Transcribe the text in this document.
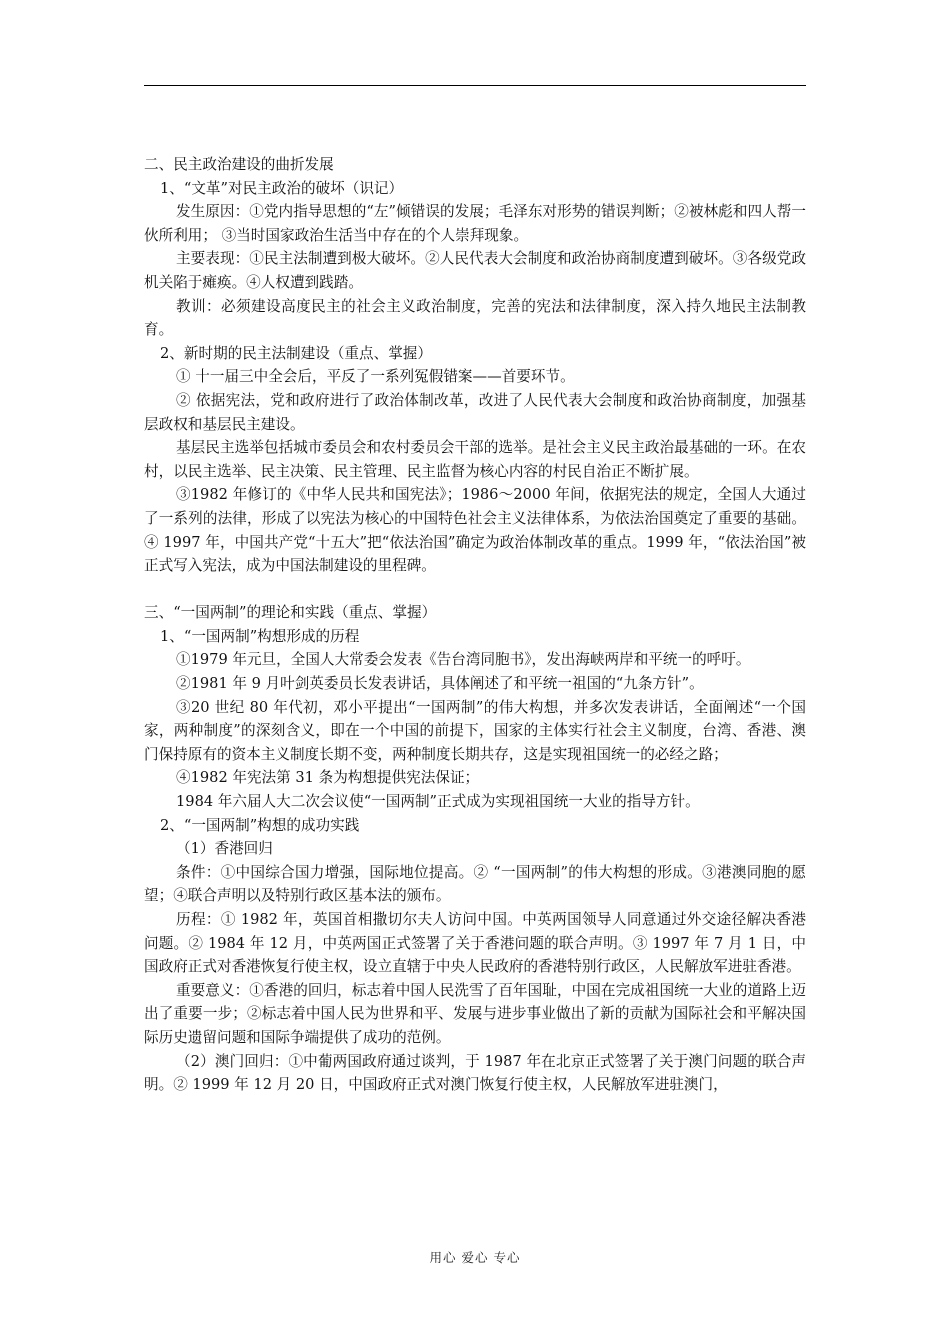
二、民主政治建设的曲折发展

1、“文革”对民主政治的破坏（识记）

发生原因：①党内指导思想的“左”倾错误的发展；毛泽东对形势的错误判断；②被林彪和四人帮一伙所利用； ③当时国家政治生活当中存在的个人崇拜现象。

主要表现：①民主法制遭到极大破坏。②人民代表大会制度和政治协商制度遭到破坏。③各级党政机关陷于瘫痪。④人权遭到践踏。

教训：必须建设高度民主的社会主义政治制度，完善的宪法和法律制度，深入持久地民主法制教育。

2、新时期的民主法制建设（重点、掌握）

① 十一届三中全会后，平反了一系列冤假错案——首要环节。

② 依据宪法，党和政府进行了政治体制改革，改进了人民代表大会制度和政治协商制度，加强基层政权和基层民主建设。

基层民主选举包括城市委员会和农村委员会干部的选举。是社会主义民主政治最基础的一环。在农村，以民主选举、民主决策、民主管理、民主监督为核心内容的村民自治正不断扩展。

③1982 年修订的《中华人民共和国宪法》；1986～2000 年间，依据宪法的规定，全国人大通过了一系列的法律，形成了以宪法为核心的中国特色社会主义法律体系，为依法治国奠定了重要的基础。④ 1997 年，中国共产党“十五大”把“依法治国”确定为政治体制改革的重点。1999 年，“依法治国”被正式写入宪法，成为中国法制建设的里程碑。

三、“一国两制”的理论和实践（重点、掌握）

1、“一国两制”构想形成的历程

①1979 年元旦，全国人大常委会发表《告台湾同胞书》，发出海峡两岸和平统一的呼吁。

②1981 年 9 月叶剑英委员长发表讲话，具体阐述了和平统一祖国的“九条方针”。

③20 世纪 80 年代初，邓小平提出“一国两制”的伟大构想，并多次发表讲话，全面阐述“一个国家，两种制度”的深刻含义，即在一个中国的前提下，国家的主体实行社会主义制度，台湾、香港、澳门保持原有的资本主义制度长期不变，两种制度长期共存，这是实现祖国统一的必经之路；

④1982 年宪法第 31 条为构想提供宪法保证；

1984 年六届人大二次会议使“一国两制”正式成为实现祖国统一大业的指导方针。

2、“一国两制”构想的成功实践

（1）香港回归

条件：①中国综合国力增强，国际地位提高。② “一国两制”的伟大构想的形成。③港澳同胞的愿望；④联合声明以及特别行政区基本法的颁布。

历程：① 1982 年，英国首相撒切尔夫人访问中国。中英两国领导人同意通过外交途径解决香港问题。② 1984 年 12 月，中英两国正式签署了关于香港问题的联合声明。③ 1997 年 7 月 1 日，中国政府正式对香港恢复行使主权，设立直辖于中央人民政府的香港特别行政区，人民解放军进驻香港。

重要意义：①香港的回归，标志着中国人民洗雪了百年国耻，中国在完成祖国统一大业的道路上迈出了重要一步；②标志着中国人民为世界和平、发展与进步事业做出了新的贡献为国际社会和平解决国际历史遗留问题和国际争端提供了成功的范例。

（2）澳门回归：①中葡两国政府通过谈判，于 1987 年在北京正式签署了关于澳门问题的联合声明。② 1999 年 12 月 20 日，中国政府正式对澳门恢复行使主权，人民解放军进驻澳门，

用心 爱心 专心
